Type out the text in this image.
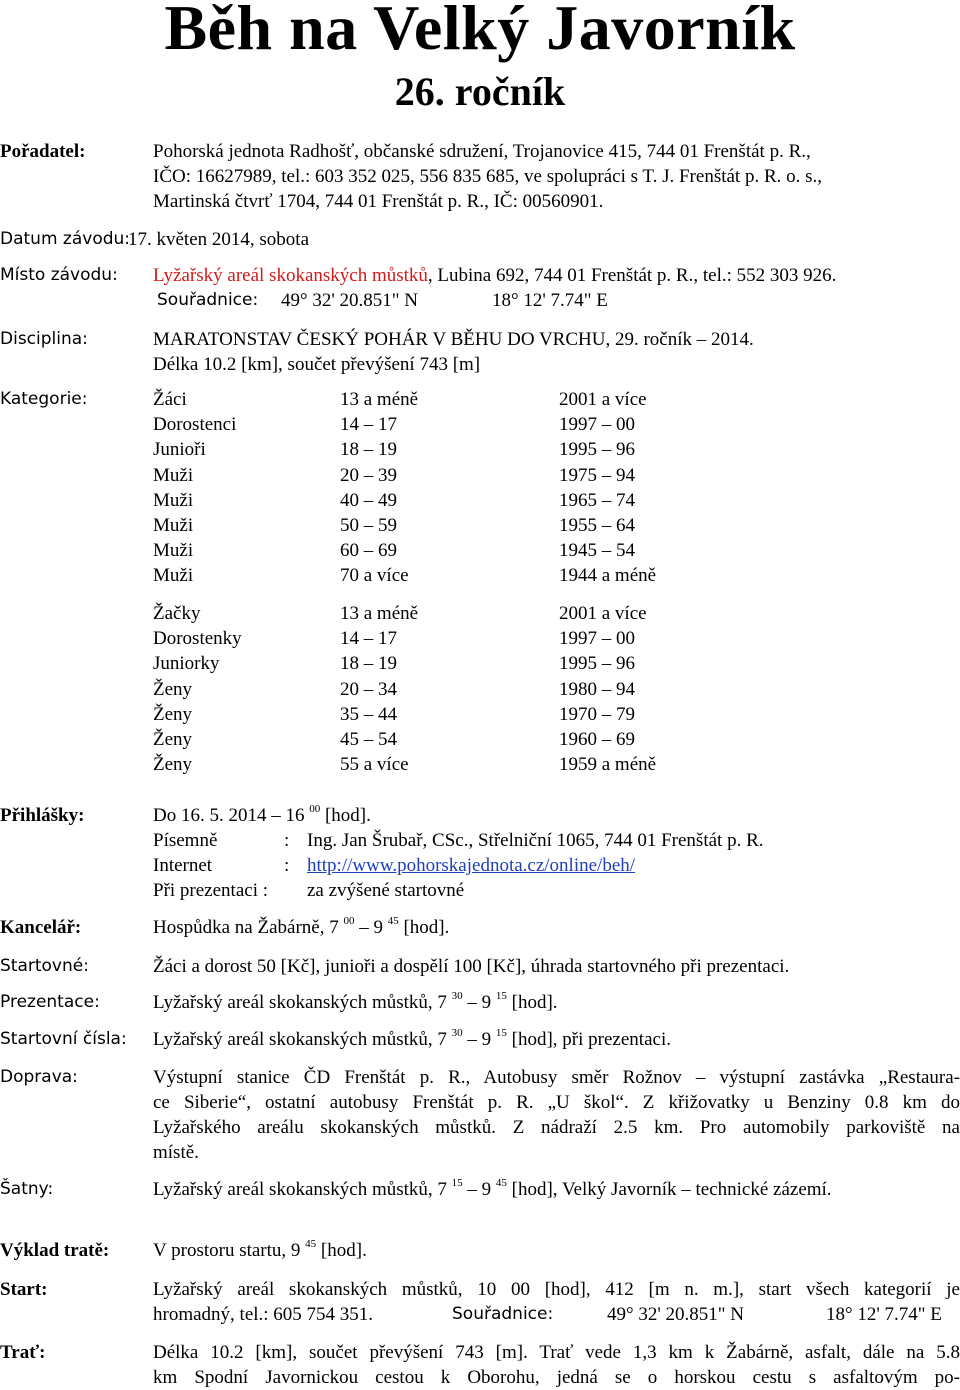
Běh na Velký Javorník
26. ročník
Pořadatel:	Pohorská jednota Radhošť, občanské sdružení, Trojanovice 415, 744 01 Frenštát p. R.,
IČO: 16627989, tel.: 603 352 025, 556 835 685, ve spolupráci s T. J. Frenštát p. R. o. s.,
Martinská čtvrť 1704, 744 01 Frenštát p. R., IČ: 00560901.
Datum závodu:
17. květen 2014, sobota
Místo závodu: Lyžařský areál skokanských můstků, Lubina 692, 744 01 Frenštát p. R., tel.: 552 303 926.
Souřadnice: 49° 32' 20.851" N	18° 12' 7.74" E
Disciplina:	MARATONSTAV ČESKÝ POHÁR V BĚHU DO VRCHU, 29. ročník – 2014.
Délka 10.2 [km], součet převýšení 743 [m]
Kategorie:	Žáci	13 a méně	2001 a více
Dorostenci	14 – 17	1997 – 00
Junioři	18 – 19	1995 – 96
Muži	20 – 39	1975 – 94
Muži	40 – 49	1965 – 74
Muži	50 – 59	1955 – 64
Muži	60 – 69	1945 – 54
Muži	70 a více	1944 a méně
Žačky	13 a méně	2001 a více
Dorostenky	14 – 17	1997 – 00
Juniorky	18 – 19	1995 – 96
Ženy	20 – 34	1980 – 94
Ženy	35 – 44	1970 – 79
Ženy	45 – 54	1960 – 69
Ženy	55 a více	1959 a méně
Přihlášky:	Do 16. 5. 2014 – 16 $^{00}$ [hod].
Písemně	: Ing. Jan Šrubař, CSc., Střelniční 1065, 744 01 Frenštát p. R.
Internet	: http://www.pohorskajednota.cz/online/beh/
Při prezentaci : za zvýšené startovné
Kancelář:	Hospůdka na Žabárně, 7 $^{00}$ – 9 $^{45}$ [hod].
Startovné:	Žáci a dorost 50 [Kč], junioři a dospělí 100 [Kč], úhrada startovného při prezentaci.
Prezentace:	Lyžařský areál skokanských můstků, 7 $^{30}$ – 9 $^{15}$ [hod].
Startovní čísla: Lyžařský areál skokanských můstků, 7 $^{30}$ – 9 $^{15}$ [hod], při prezentaci.
Doprava:	Výstupní stanice ČD Frenštát p. R., Autobusy směr Rožnov – výstupní zastávka „Restaura-
ce Siberie“, ostatní autobusy Frenštát p. R. „U škol“. Z křižovatky u Benziny 0.8 km do
Lyžařského areálu skokanských můstků. Z nádraží 2.5 km. Pro automobily parkoviště na
místě.
Šatny:	Lyžařský areál skokanských můstků, 7 $^{15}$ – 9 $^{45}$ [hod], Velký Javorník – technické zázemí.
Výklad tratě: V prostoru startu, 9 $^{45}$ [hod].
Start:	Lyžařský areál skokanských můstků, 10 00 [hod], 412 [m n. m.], start všech kategorií je
hromadný, tel.: 605 754 351.	Souřadnice:	49° 32' 20.851" N	18° 12' 7.74" E
Trať:	Délka 10.2 [km], součet převýšení 743 [m]. Trať vede 1,3 km k Žabárně, asfalt, dále na 5.8
km Spodní Javornickou cestou k Oborohu, jedná se o horskou cestu s asfaltovým po-
